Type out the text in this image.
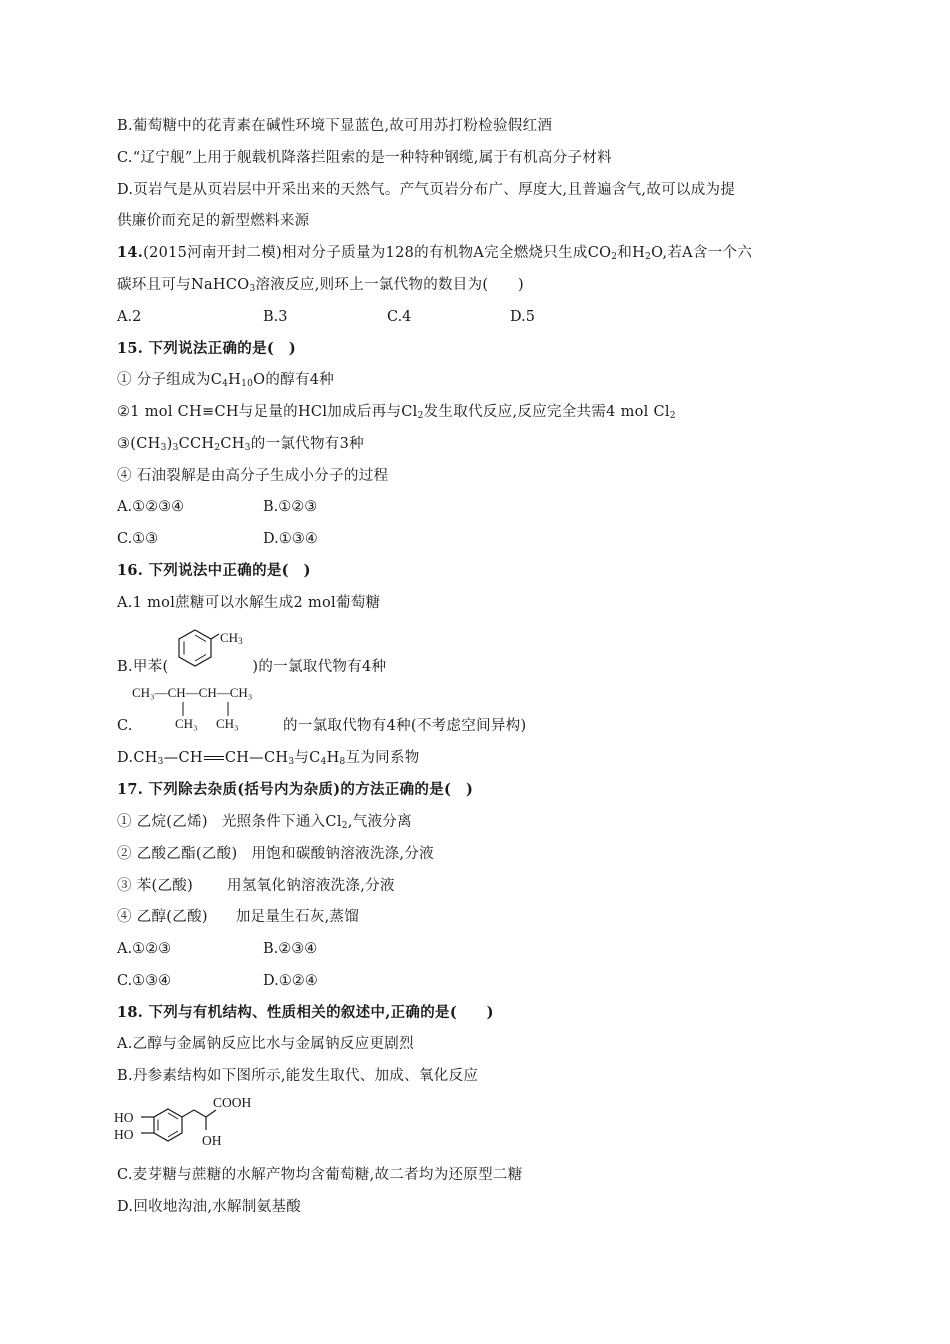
B.葡萄糖中的花青素在碱性环境下显蓝色,故可用苏打粉检验假红酒
C.“辽宁舰”上用于舰载机降落拦阻索的是一种特种钢缆,属于有机高分子材料
D.页岩气是从页岩层中开采出来的天然气。产气页岩分布广、厚度大,且普遍含气,故可以成为提
供廉价而充足的新型燃料来源
14.(2015河南开封二模)相对分子质量为128的有机物A完全燃烧只生成$CO_2$和$H_2O$,若A含一个六
碳环且可与NaHCO$_3$溶液反应,则环上一氯代物的数目为(　　)
A.2	B.3	C.4	D.5
15. 下列说法正确的是(　)
① 分子组成为$C_4H_{10}O$的醇有4种
②1 mol CH≡CH与足量的HCl加成后再与$Cl_2$发生取代反应,反应完全共需4 mol $Cl_2$
$③(CH_3)_3CCH_2CH_3$的一氯代物有3种
④ 石油裂解是由高分子生成小分子的过程
A.①②③④	B.①②③
C.①③	D.①③④
16. 下列说法中正确的是(　)
A.1 mol蔗糖可以水解生成2 mol葡萄糖
$CH_3$
B.甲苯(	)的一氯取代物有4种
CH₃—CH—CH—CH₃
CH₃ CH₃
C.	的一氯取代物有4种(不考虑空间异构)
$D.CH_3—CH$ $CH—CH_3$与$C_4H_8$互为同系物
17. 下列除去杂质(括号内为杂质)的方法正确的是(　)
① 乙烷(乙烯) 光照条件下通入$Cl_2$,气液分离
② 乙酸乙酯(乙酸) 用饱和碳酸钠溶液洗涤,分液
③ 苯(乙酸) 用氢氧化钠溶液洗涤,分液
④ 乙醇(乙酸) 加足量生石灰,蒸馏
A.①②③	B.②③④
C.①③④	D.①②④
18. 下列与有机结构、性质相关的叙述中,正确的是(　　)
A.乙醇与金属钠反应比水与金属钠反应更剧烈
B.丹参素结构如下图所示,能发生取代、加成、氧化反应
HO
HO
COOH
OH
C.麦芽糖与蔗糖的水解产物均含葡萄糖,故二者均为还原型二糖
D.回收地沟油,水解制氨基酸
